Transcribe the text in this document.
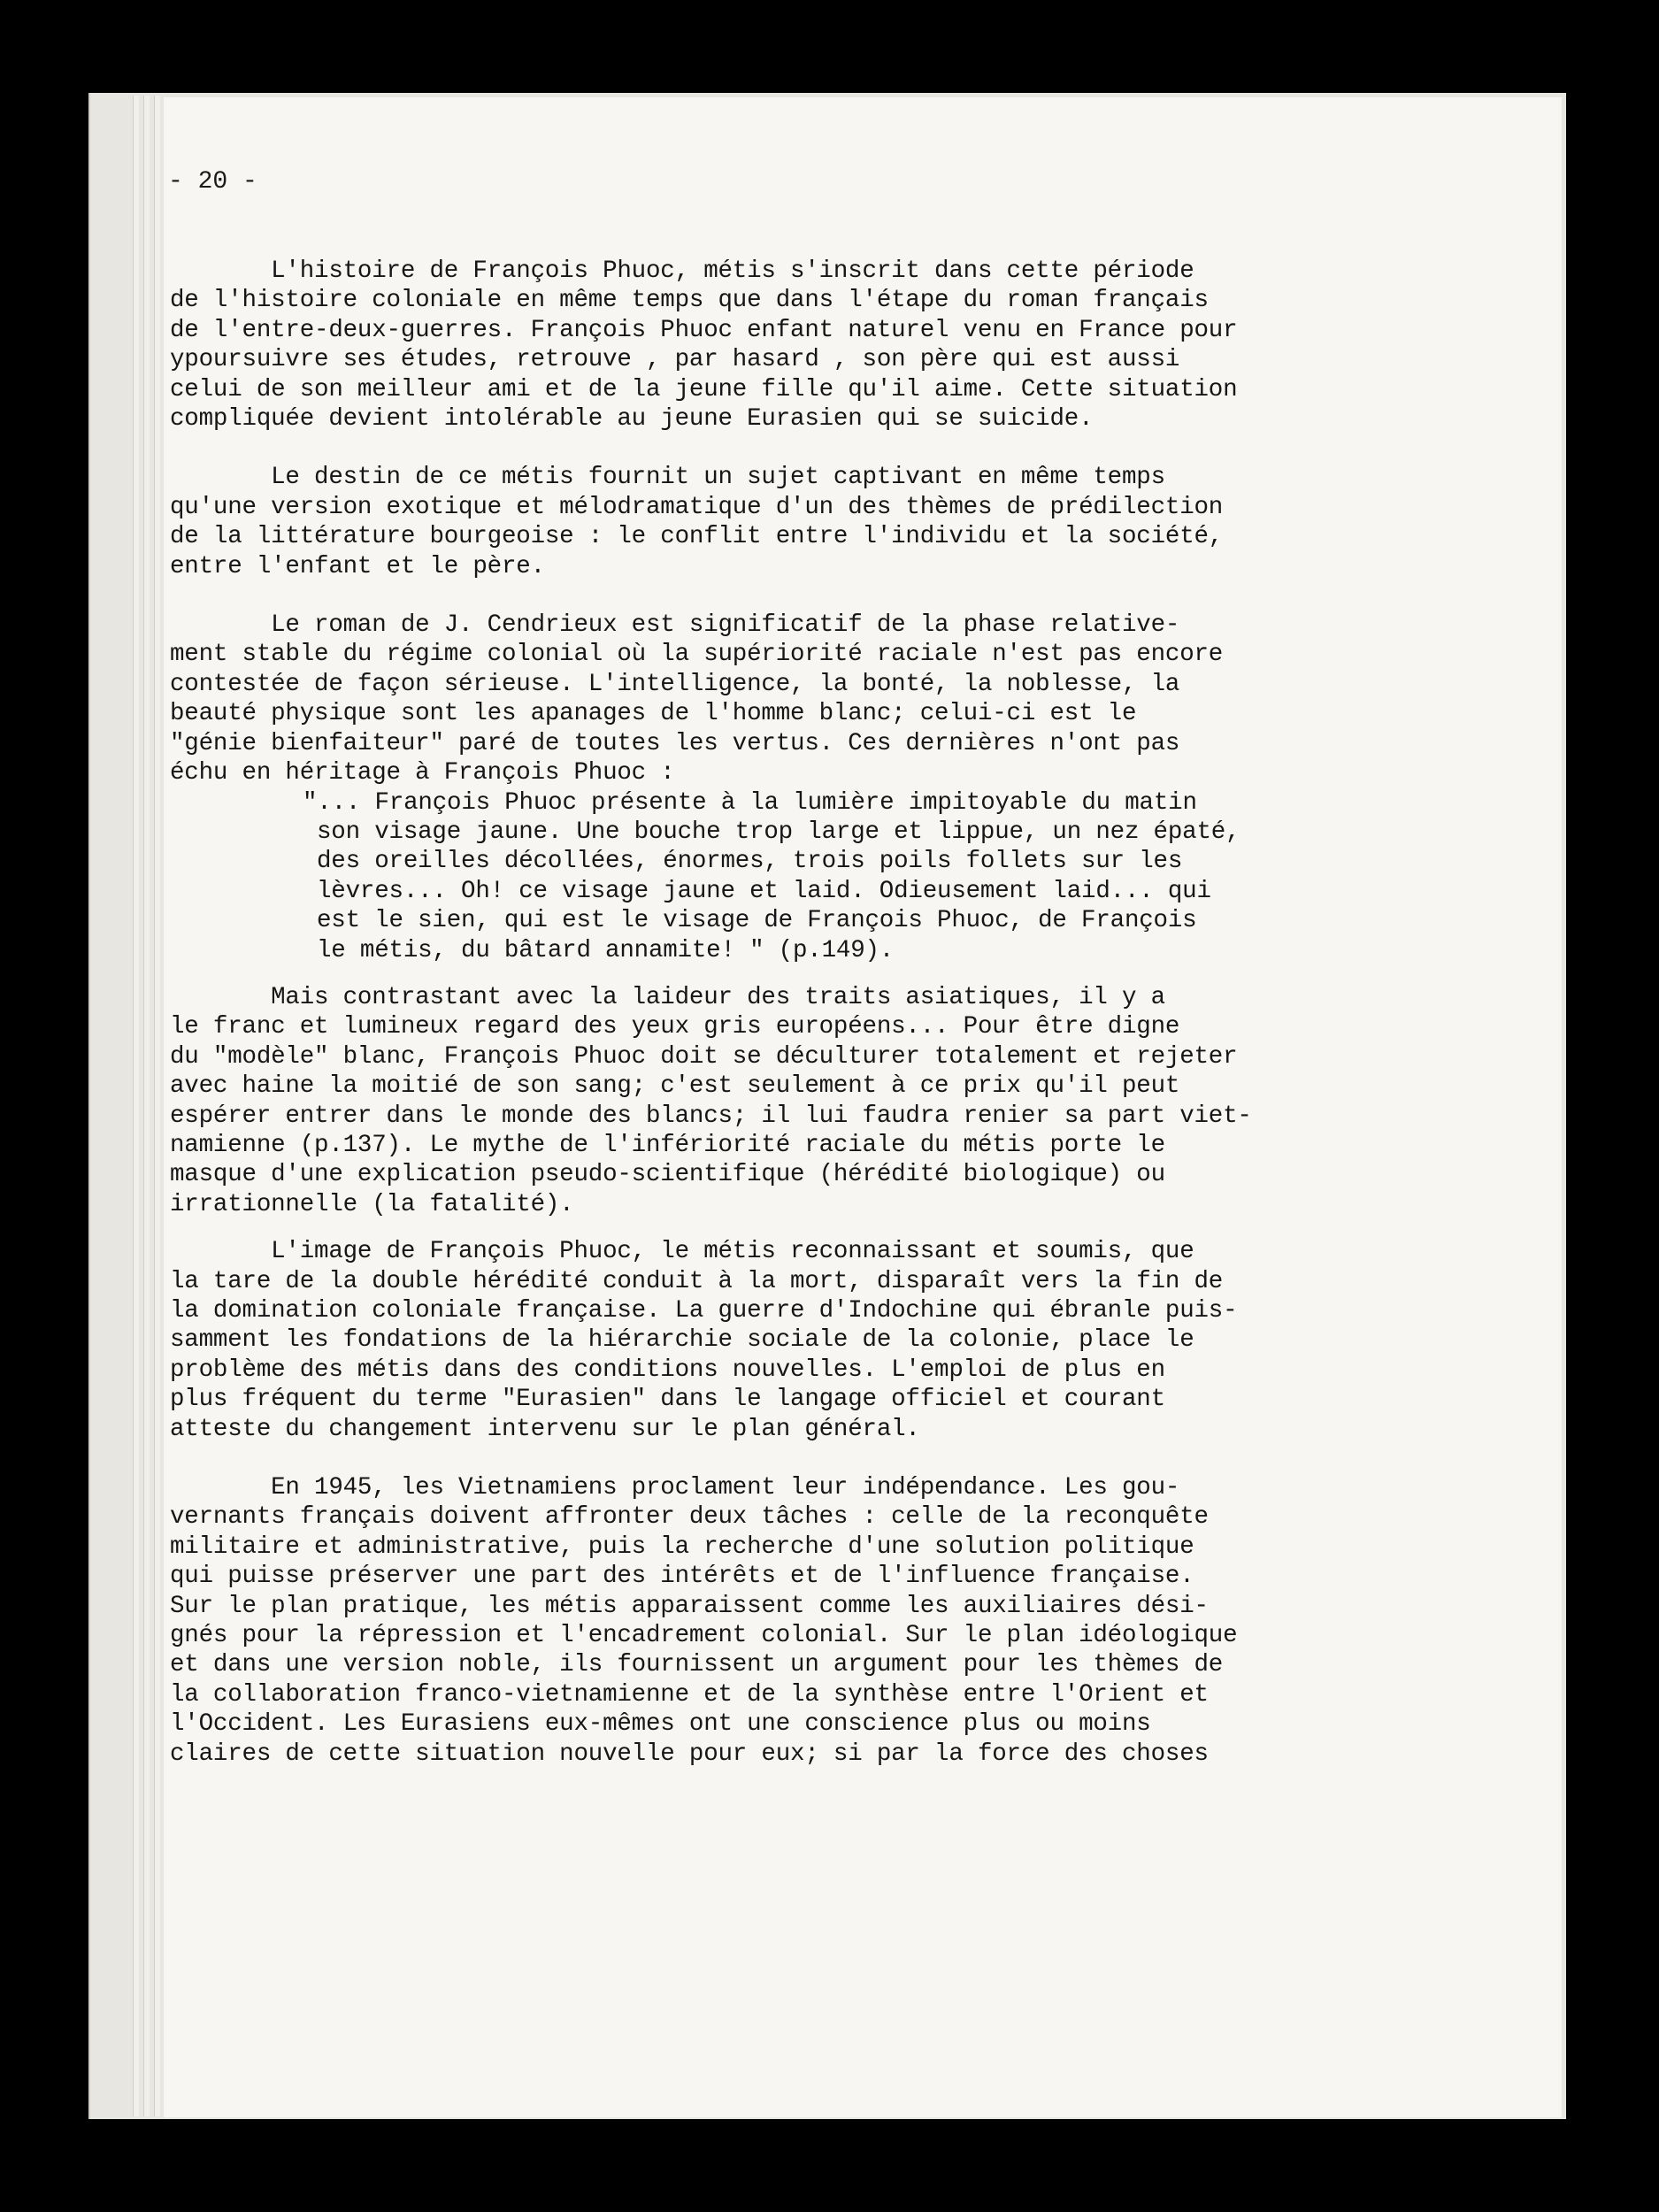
- 20 -

L'histoire de François Phuoc, métis s'inscrit dans cette période
de l'histoire coloniale en même temps que dans l'étape du roman français
de l'entre-deux-guerres. François Phuoc enfant naturel venu en France pour
ypoursuivre ses études, retrouve , par hasard , son père qui est aussi
celui de son meilleur ami et de la jeune fille qu'il aime. Cette situation
compliquée devient intolérable au jeune Eurasien qui se suicide.

Le destin de ce métis fournit un sujet captivant en même temps
qu'une version exotique et mélodramatique d'un des thèmes de prédilection
de la littérature bourgeoise : le conflit entre l'individu et la société,
entre l'enfant et le père.

Le roman de J. Cendrieux est significatif de la phase relative-
ment stable du régime colonial où la supériorité raciale n'est pas encore
contestée de façon sérieuse. L'intelligence, la bonté, la noblesse, la
beauté physique sont les apanages de l'homme blanc; celui-ci est le
"génie bienfaiteur" paré de toutes les vertus. Ces dernières n'ont pas
échu en héritage à François Phuoc :

"... François Phuoc présente à la lumière impitoyable du matin
son visage jaune. Une bouche trop large et lippue, un nez épaté,
des oreilles décollées, énormes, trois poils follets sur les
lèvres... Oh! ce visage jaune et laid. Odieusement laid... qui
est le sien, qui est le visage de François Phuoc, de François
le métis, du bâtard annamite! " (p.149).

Mais contrastant avec la laideur des traits asiatiques, il y a
le franc et lumineux regard des yeux gris européens... Pour être digne
du "modèle" blanc, François Phuoc doit se déculturer totalement et rejeter
avec haine la moitié de son sang; c'est seulement à ce prix qu'il peut
espérer entrer dans le monde des blancs; il lui faudra renier sa part viet-
namienne (p.137). Le mythe de l'infériorité raciale du métis porte le
masque d'une explication pseudo-scientifique (hérédité biologique) ou
irrationnelle (la fatalité).

L'image de François Phuoc, le métis reconnaissant et soumis, que
la tare de la double hérédité conduit à la mort, disparaît vers la fin de
la domination coloniale française. La guerre d'Indochine qui ébranle puis-
samment les fondations de la hiérarchie sociale de la colonie, place le
problème des métis dans des conditions nouvelles. L'emploi de plus en
plus fréquent du terme "Eurasien" dans le langage officiel et courant
atteste du changement intervenu sur le plan général.

En 1945, les Vietnamiens proclament leur indépendance. Les gou-
vernants français doivent affronter deux tâches : celle de la reconquête
militaire et administrative, puis la recherche d'une solution politique
qui puisse préserver une part des intérêts et de l'influence française.
Sur le plan pratique, les métis apparaissent comme les auxiliaires dési-
gnés pour la répression et l'encadrement colonial. Sur le plan idéologique
et dans une version noble, ils fournissent un argument pour les thèmes de
la collaboration franco-vietnamienne et de la synthèse entre l'Orient et
l'Occident. Les Eurasiens eux-mêmes ont une conscience plus ou moins
claires de cette situation nouvelle pour eux; si par la force des choses
